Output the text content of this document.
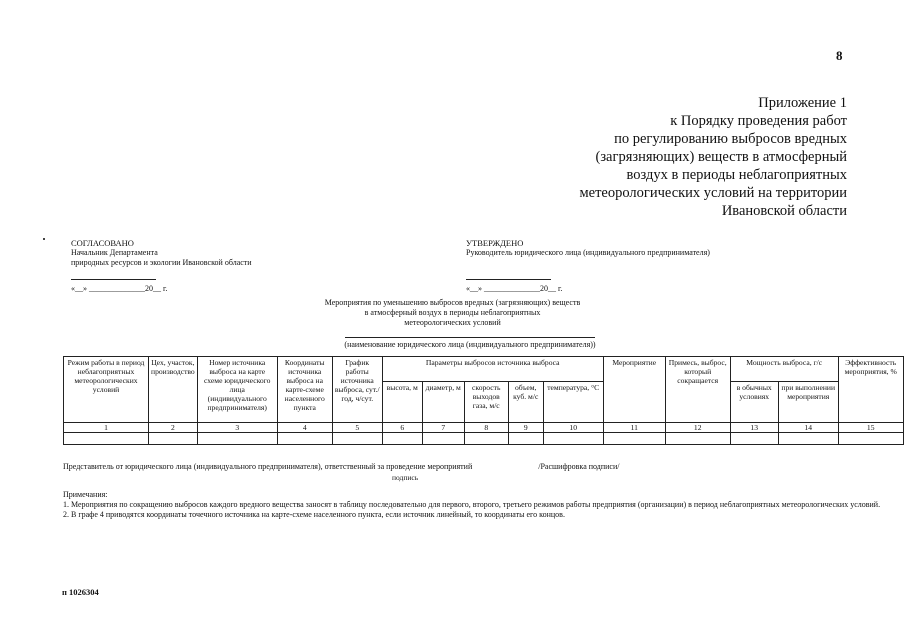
8
Приложение 1
к Порядку проведения работ
по регулированию выбросов вредных
(загрязняющих) веществ в атмосферный
воздух в периоды неблагоприятных
метеорологических условий на территории
Ивановской области
СОГЛАСОВАНО
Начальник Департамента
природных ресурсов и экологии Ивановской области
«__» ______________20__ г.
УТВЕРЖДЕНО
Руководитель юридического лица (индивидуального предпринимателя)
«__» ______________20__ г.
Мероприятия по уменьшению выбросов вредных (загрязняющих) веществ
в атмосферный воздух в периоды неблагоприятных
метеорологических условий
(наименование юридического лица (индивидуального предпринимателя))
Режим работы в период неблагоприятных метеорологических условий	Цех, участок, производство	Номер источника выброса на карте схеме юридического лица (индивидуального предпринимателя)	Координаты источника выброса на карте-схеме населенного пункта	График работы источника выброса, сут./год, ч/сут.	Параметры выбросов источника выброса					Мероприятие	Примесь, выброс, который сокращается	Мощность выброса, г/с		Эффективность мероприятия, %
					высота, м	диаметр, м	скорость выходов газа, м/с	объем, куб. м/с	температура, °С			в обычных условиях	при выполнении мероприятия	
1	2	3	4	5	6	7	8	9	10	11	12	13	14	15

Представитель от юридического лица (индивидуального предпринимателя), ответственный за проведение мероприятий	/Расшифровка подписи/
подпись
Примечания:
1. Мероприятия по сокращению выбросов каждого вредного вещества заносят в таблицу последовательно для первого, второго, третьего режимов работы предприятия (организации) в период неблагоприятных метеорологических условий.
2. В графе 4 приводятся координаты точечного источника на карте-схеме населенного пункта, если источник линейный, то координаты его концов.
п 1026304
